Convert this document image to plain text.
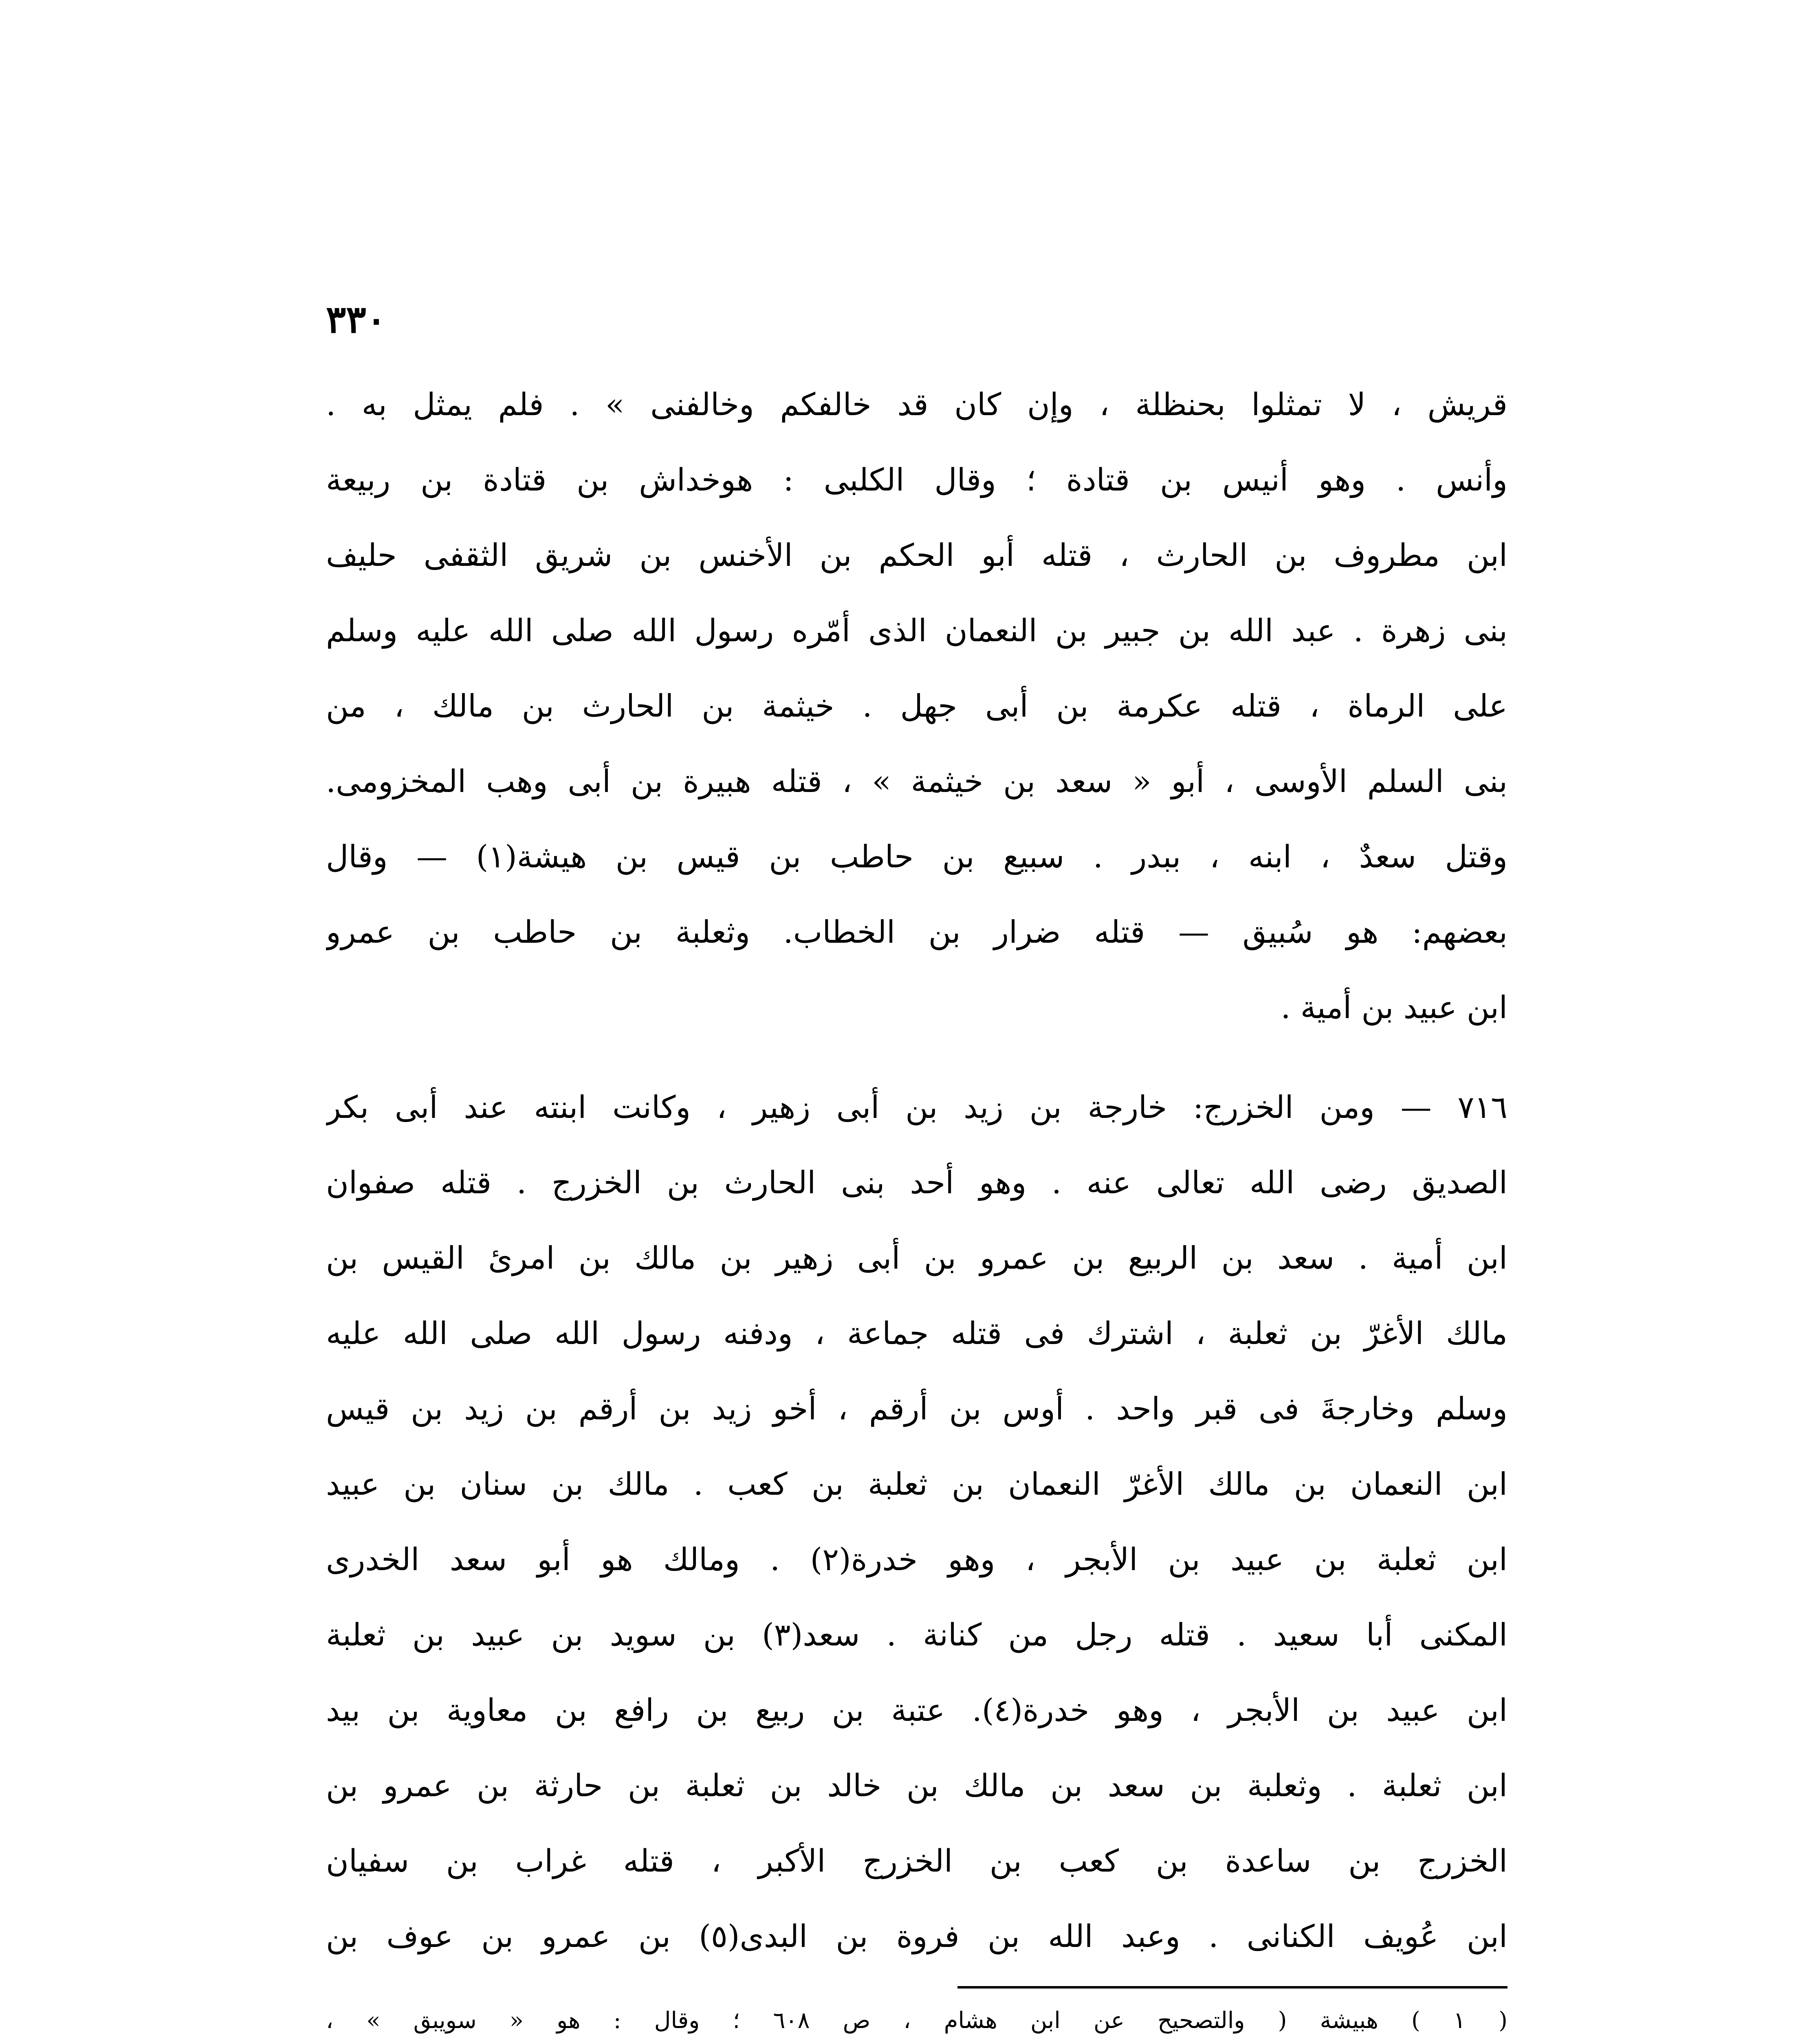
٣٣٠
قريش ، لا تمثلوا بحنظلة ، وإن كان قد خالفكم وخالفنى » . فلم يمثل به .
وأنس . وهو أنيس بن قتادة ؛ وقال الكلبى : هوخداش بن قتادة بن ربيعة
ابن مطروف بن الحارث ، قتله أبو الحكم بن الأخنس بن شريق الثقفى حليف
بنى زهرة . عبد الله بن جبير بن النعمان الذى أمّره رسول الله صلى الله عليه وسلم
على الرماة ، قتله عكرمة بن أبى جهل . خيثمة بن الحارث بن مالك ، من
بنى السلم الأوسى ، أبو « سعد بن خيثمة » ، قتله هبيرة بن أبى وهب المخزومى.
وقتل سعدٌ ، ابنه ، ببدر . سبيع بن حاطب بن قيس بن هيشة(١) — وقال
بعضهم: هو سُبيق — قتله ضرار بن الخطاب. وثعلبة بن حاطب بن عمرو
ابن عبيد بن أمية .
٧١٦ — ومن الخزرج: خارجة بن زيد بن أبى زهير ، وكانت ابنته عند أبى بكر
الصديق رضى الله تعالى عنه . وهو أحد بنى الحارث بن الخزرج . قتله صفوان
ابن أمية . سعد بن الربيع بن عمرو بن أبى زهير بن مالك بن امرئ القيس بن
مالك الأغرّ بن ثعلبة ، اشترك فى قتله جماعة ، ودفنه رسول الله صلى الله عليه
وسلم وخارجةَ فى قبر واحد . أوس بن أرقم ، أخو زيد بن أرقم بن زيد بن قيس
ابن النعمان بن مالك الأغرّ النعمان بن ثعلبة بن كعب . مالك بن سنان بن عبيد
ابن ثعلبة بن عبيد بن الأبجر ، وهو خدرة(٢) . ومالك هو أبو سعد الخدرى
المكنى أبا سعيد . قتله رجل من كنانة . سعد(٣) بن سويد بن عبيد بن ثعلبة
ابن عبيد بن الأبجر ، وهو خدرة(٤). عتبة بن ربيع بن رافع بن معاوية بن بيد
ابن ثعلبة . وثعلبة بن سعد بن مالك بن خالد بن ثعلبة بن حارثة بن عمرو بن
الخزرج بن ساعدة بن كعب بن الخزرج الأكبر ، قتله غراب بن سفيان
ابن عُويف الكنانى . وعبد الله بن فروة بن البدى(٥) بن عمرو بن عوف بن
( ١ ) هبيشة ( والتصحيح عن ابن هشام ، ص ٦٠٨ ؛ وقال : هو « سويبق » ،
